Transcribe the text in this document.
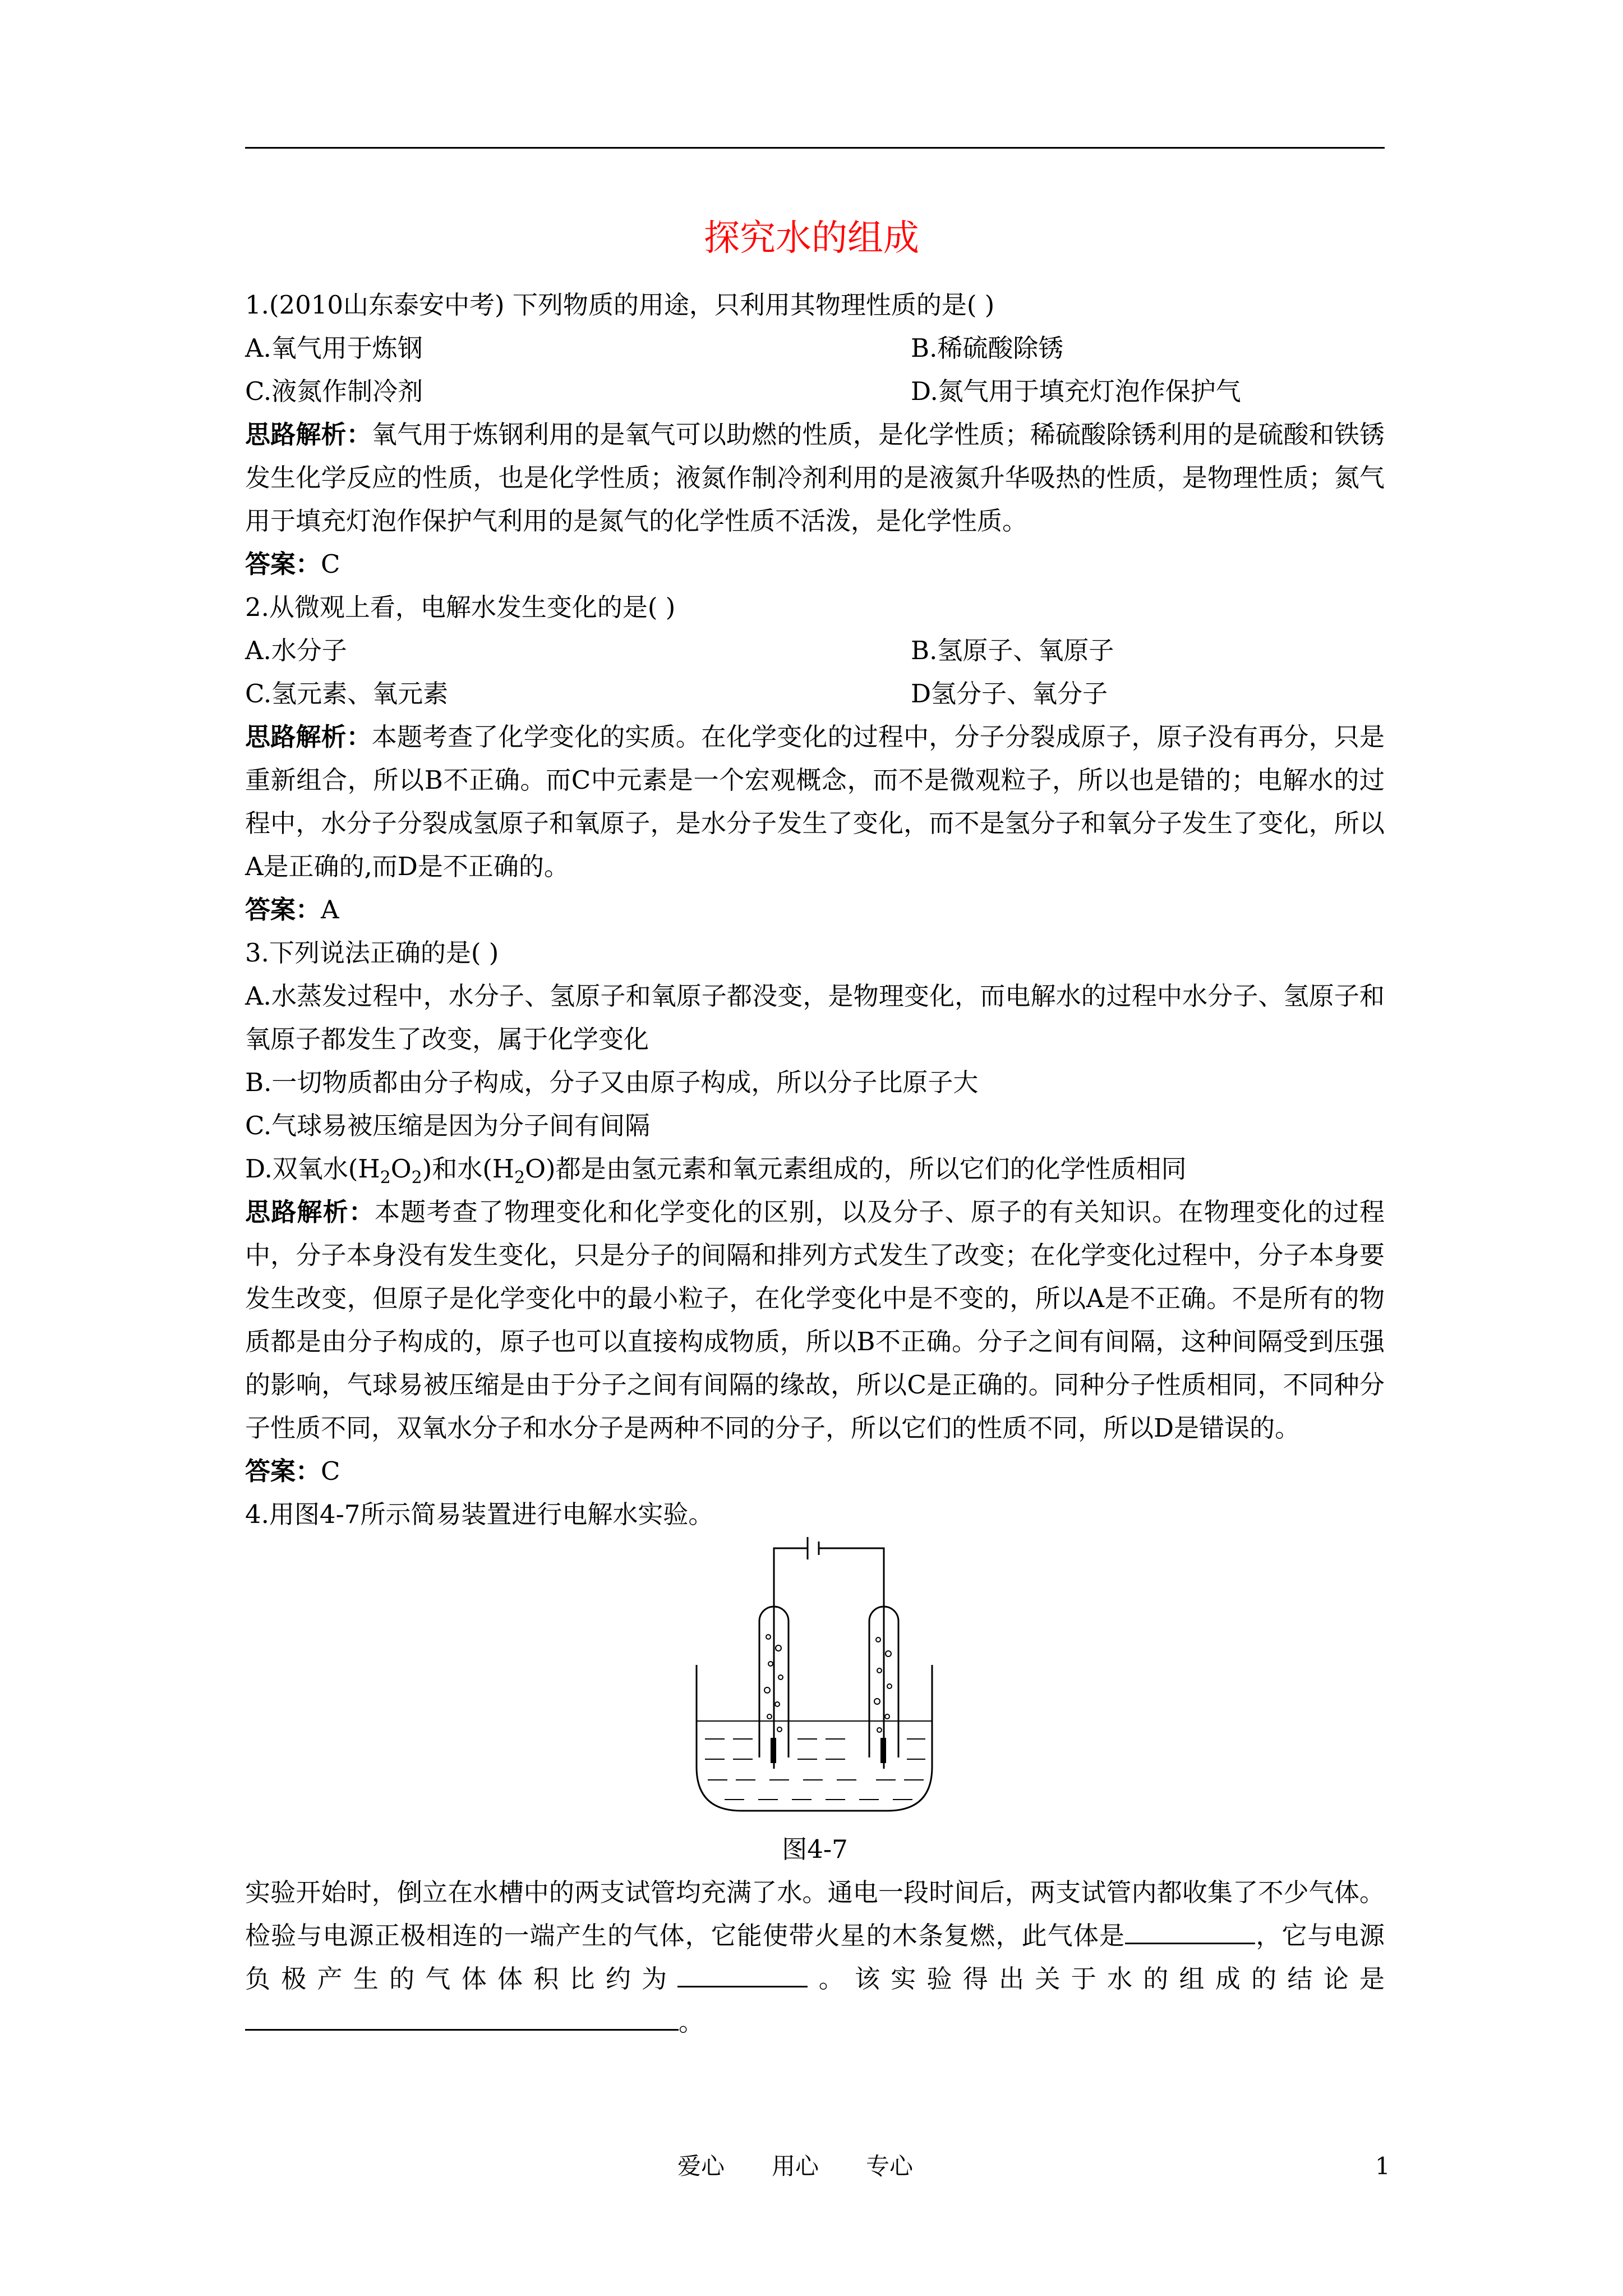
探究水的组成

1.(2010山东泰安中考) 下列物质的用途，只利用其物理性质的是( )

A.氧气用于炼钢	B.稀硫酸除锈
C.液氮作制冷剂	D.氮气用于填充灯泡作保护气

思路解析：氧气用于炼钢利用的是氧气可以助燃的性质，是化学性质；稀硫酸除锈利用的是硫酸和铁锈发生化学反应的性质，也是化学性质；液氮作制冷剂利用的是液氮升华吸热的性质，是物理性质；氮气用于填充灯泡作保护气利用的是氮气的化学性质不活泼，是化学性质。

答案：C

2.从微观上看，电解水发生变化的是( )

A.水分子	B.氢原子、氧原子
C.氢元素、氧元素	D氢分子、氧分子

思路解析：本题考查了化学变化的实质。在化学变化的过程中，分子分裂成原子，原子没有再分，只是重新组合，所以B不正确。而C中元素是一个宏观概念，而不是微观粒子，所以也是错的；电解水的过程中，水分子分裂成氢原子和氧原子，是水分子发生了变化，而不是氢分子和氧分子发生了变化，所以A是正确的,而D是不正确的。

答案：A

3.下列说法正确的是( )

A.水蒸发过程中，水分子、氢原子和氧原子都没变，是物理变化，而电解水的过程中水分子、氢原子和氧原子都发生了改变，属于化学变化

B.一切物质都由分子构成，分子又由原子构成，所以分子比原子大

C.气球易被压缩是因为分子间有间隔

D.双氧水$(H_2O_2)$和水$(H_2O)$都是由氢元素和氧元素组成的，所以它们的化学性质相同

思路解析：本题考查了物理变化和化学变化的区别，以及分子、原子的有关知识。在物理变化的过程中，分子本身没有发生变化，只是分子的间隔和排列方式发生了改变；在化学变化过程中，分子本身要发生改变，但原子是化学变化中的最小粒子，在化学变化中是不变的，所以A是不正确。不是所有的物质都是由分子构成的，原子也可以直接构成物质，所以B不正确。分子之间有间隔，这种间隔受到压强的影响，气球易被压缩是由于分子之间有间隔的缘故，所以C是正确的。同种分子性质相同，不同种分子性质不同，双氧水分子和水分子是两种不同的分子，所以它们的性质不同，所以D是错误的。

答案：C

4.用图4-7所示简易装置进行电解水实验。

图4-7

实验开始时，倒立在水槽中的两支试管均充满了水。通电一段时间后，两支试管内都收集了不少气体。检验与电源正极相连的一端产生的气体，它能使带火星的木条复燃，此气体是	，它与电源负极产生的气体体积比约为	。该实验得出关于水的组成的结论是。

爱心　　用心　　专心	1
